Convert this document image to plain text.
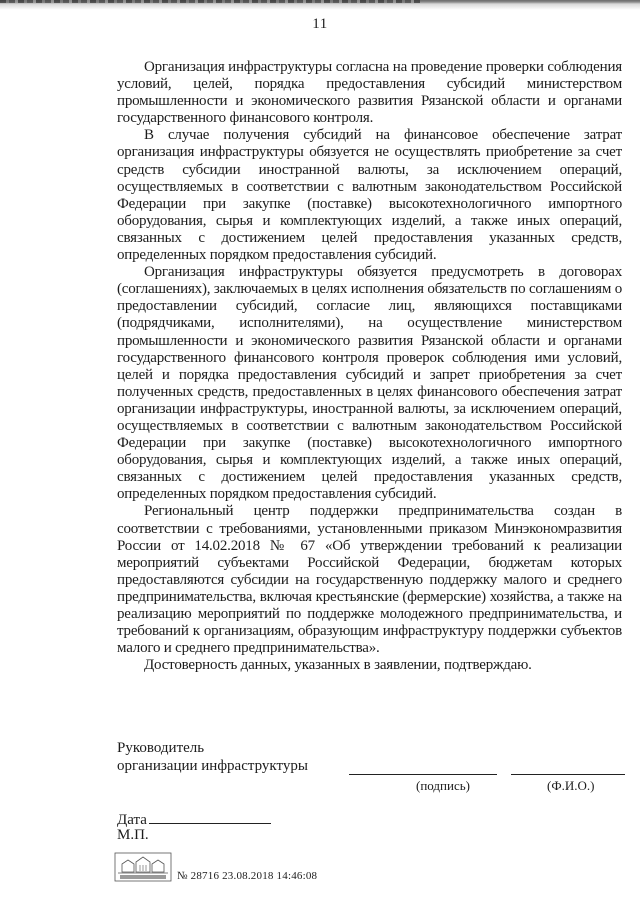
11

Организация инфраструктуры согласна на проведение проверки соблюдения условий, целей, порядка предоставления субсидий министерством промышленности и экономического развития Рязанской области и органами государственного финансового контроля.

В случае получения субсидий на финансовое обеспечение затрат организация инфраструктуры обязуется не осуществлять приобретение за счет средств субсидии иностранной валюты, за исключением операций, осуществляемых в соответствии с валютным законодательством Российской Федерации при закупке (поставке) высокотехнологичного импортного оборудования, сырья и комплектующих изделий, а также иных операций, связанных с достижением целей предоставления указанных средств, определенных порядком предоставления субсидий.

Организация инфраструктуры обязуется предусмотреть в договорах (соглашениях), заключаемых в целях исполнения обязательств по соглашениям о предоставлении субсидий, согласие лиц, являющихся поставщиками (подрядчиками, исполнителями), на осуществление министерством промышленности и экономического развития Рязанской области и органами государственного финансового контроля проверок соблюдения ими условий, целей и порядка предоставления субсидий и запрет приобретения за счет полученных средств, предоставленных в целях финансового обеспечения затрат организации инфраструктуры, иностранной валюты, за исключением операций, осуществляемых в соответствии с валютным законодательством Российской Федерации при закупке (поставке) высокотехнологичного импортного оборудования, сырья и комплектующих изделий, а также иных операций, связанных с достижением целей предоставления указанных средств, определенных порядком предоставления субсидий.

Региональный центр поддержки предпринимательства создан в соответствии с требованиями, установленными приказом Минэкономразвития России от 14.02.2018 № 67 «Об утверждении требований к реализации мероприятий субъектами Российской Федерации, бюджетам которых предоставляются субсидии на государственную поддержку малого и среднего предпринимательства, включая крестьянские (фермерские) хозяйства, а также на реализацию мероприятий по поддержке молодежного предпринимательства, и требований к организациям, образующим инфраструктуру поддержки субъектов малого и среднего предпринимательства».

Достоверность данных, указанных в заявлении, подтверждаю.

Руководитель
организации инфраструктуры
(подпись)	(Ф.И.О.)
Дата
М.П.
№ 28716 23.08.2018 14:46:08
